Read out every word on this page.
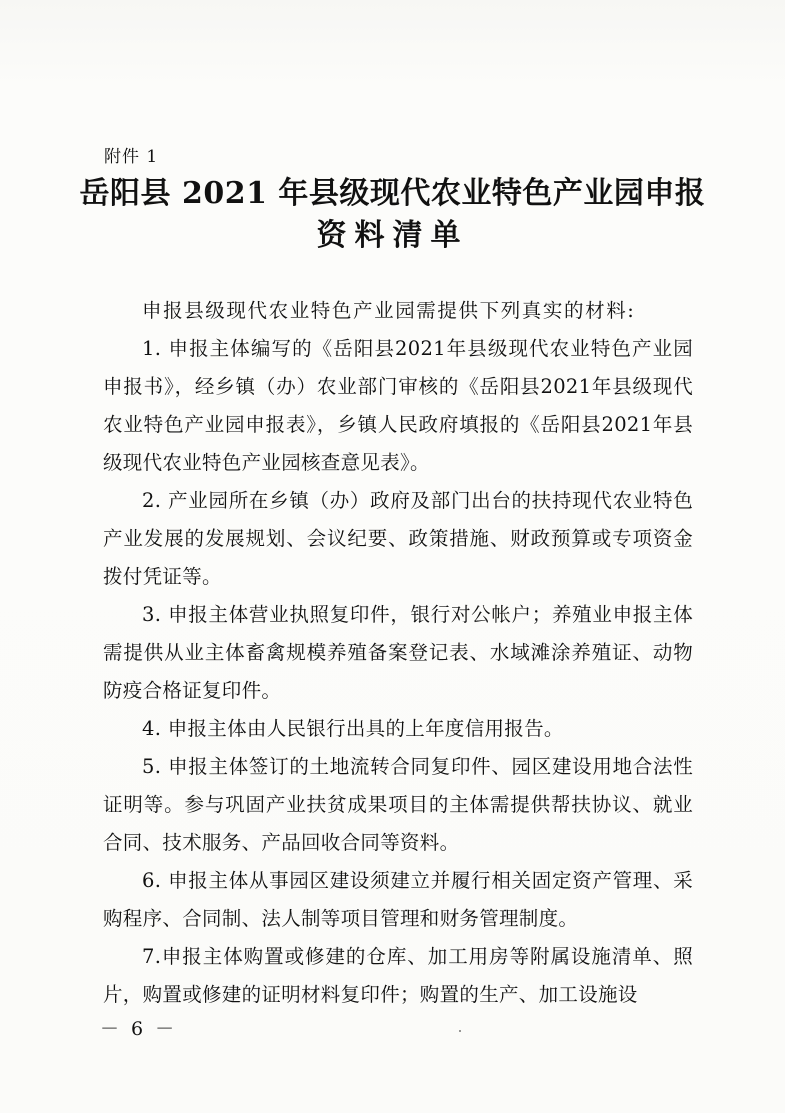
附件 1
岳阳县 2021 年县级现代农业特色产业园申报
资料清单

申报县级现代农业特色产业园需提供下列真实的材料:

1. 申报主体编写的《岳阳县2021年县级现代农业特色产业园申报书》，经乡镇（办）农业部门审核的《岳阳县2021年县级现代农业特色产业园申报表》，乡镇人民政府填报的《岳阳县2021年县级现代农业特色产业园核查意见表》。

2. 产业园所在乡镇（办）政府及部门出台的扶持现代农业特色产业发展的发展规划、会议纪要、政策措施、财政预算或专项资金拨付凭证等。

3. 申报主体营业执照复印件，银行对公帐户；养殖业申报主体需提供从业主体畜禽规模养殖备案登记表、水域滩涂养殖证、动物防疫合格证复印件。

4. 申报主体由人民银行出具的上年度信用报告。

5. 申报主体签订的土地流转合同复印件、园区建设用地合法性证明等。参与巩固产业扶贫成果项目的主体需提供帮扶协议、就业合同、技术服务、产品回收合同等资料。

6. 申报主体从事园区建设须建立并履行相关固定资产管理、采购程序、合同制、法人制等项目管理和财务管理制度。

7.申报主体购置或修建的仓库、加工用房等附属设施清单、照片，购置或修建的证明材料复印件；购置的生产、加工设施设

－ 6 －
